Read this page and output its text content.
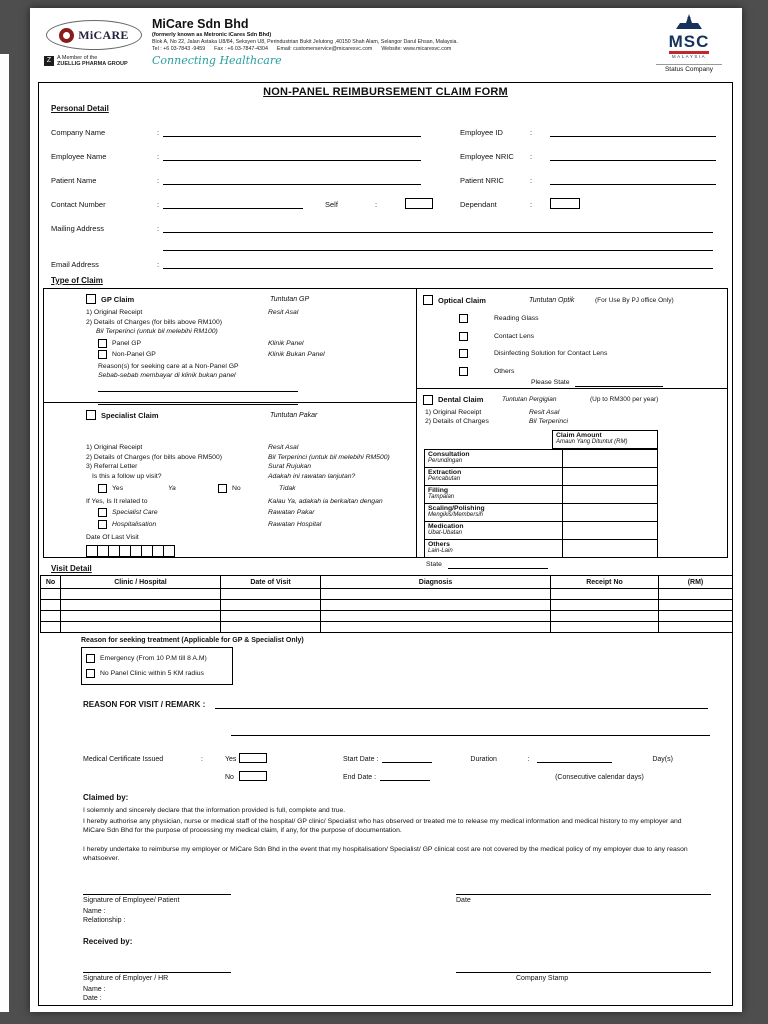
MiCARE
Z	A Member of the
ZUELLIG PHARMA GROUP
MiCare Sdn Bhd
(formerly known as Metronic iCares Sdn Bhd)
Blok A, No 22, Jalan Astaka U8/84, Seksyen U8, Perindustrian Bukit Jelutong ,40150 Shah Alam, Selangor Darul Ehsan, Malaysia.
Tel : +6 03-7843 -9459 Fax : +6 03-7847-4304 Email: customerservice@micaresvc.com Website: www.micaresvc.com
Connecting Healthcare
MSC
MALAYSIA
Status Company
NON-PANEL REIMBURSEMENT CLAIM FORM
Personal Detail
Company Name	:	Employee ID	:
Employee Name	:	Employee NRIC	:
Patient Name	:	Patient NRIC	:
Contact Number	:	Self	:	Dependant	:
Mailing Address	:
Email Address	:
Type of Claim
GP Claim	Tuntutan GP
1) Original Receipt	Resit Asal
2) Details of Charges (for bills above RM100)
Bil Terperinci (untuk bil melebihi RM100)
Panel GP	Klinik Panel
Non-Panel GP	Klinik Bukan Panel
Reason(s) for seeking care at a Non-Panel GP
Sebab-sebab membayar di klinik bukan panel
Specialist Claim	Tuntutan Pakar
1) Original Receipt	Resit Asal
2) Details of Charges (for bills above RM500)	Bil Terperinci (untuk bil melebihi RM500)
3) Referral Letter	Surat Rujukan
Is this a follow up visit?	Adakah ini rawatan lanjutan?
Yes	Ya	No	Tidak
If Yes, Is It related to	Kalau Ya, adakah ia berkaitan dengan
Specialist Care	Rawatan Pakar
Hospitalisation	Rawatan Hospital
Date Of Last Visit
Optical Claim	Tuntutan Optik	(For Use By PJ office Only)
Reading Glass
Contact Lens
Disinfecting Solution for Contact Lens
Others
Please State
Dental Claim	Tuntutan Pergigian	(Up to RM300 per year)
1) Original Receipt	Resit Asal
2) Details of Charges	Bil Terperinci
Claim Amount
Amaun Yang Dituntut (RM)
Consultation
Perundingan
Extraction
Pencabutan
Filling
Tampalan
Scaling/Polishing
Mengikis/Membersih
Medication
Ubat-Ubatan
Others
Lain-Lain
State
Visit Detail
No	Clinic / Hospital	Date of Visit	Diagnosis	Receipt No	(RM)

Reason for seeking treatment (Applicable for GP & Specialist Only)
Emergency (From 10 P.M till 8 A.M)
No Panel Clinic within 5 KM radius
REASON FOR VISIT / REMARK :
Medical Certificate Issued	:	Yes	Start Date :	Duration	:	Day(s)
No	End Date :	(Consecutive calendar days)
Claimed by:
I solemnly and sincerely declare that the information provided is full, complete and true.
I hereby authorise any physician, nurse or medical staff of the hospital/ GP clinic/ Specialist who has observed or treated me to release my medical information and medical history to my employer and MiCare Sdn Bhd for the purpose of processing my medical claim, if any, for the purpose of documentation.
I hereby undertake to reimburse my employer or MiCare Sdn Bhd in the event that my hospitalisation/ Specialist/ GP clinical cost are not covered by the medical policy of my employer due to any reason whatsoever.
Signature of Employee/ Patient
Name :
Relationship :
Date
Received by:
Signature of Employer / HR
Name :
Date :
Company Stamp
